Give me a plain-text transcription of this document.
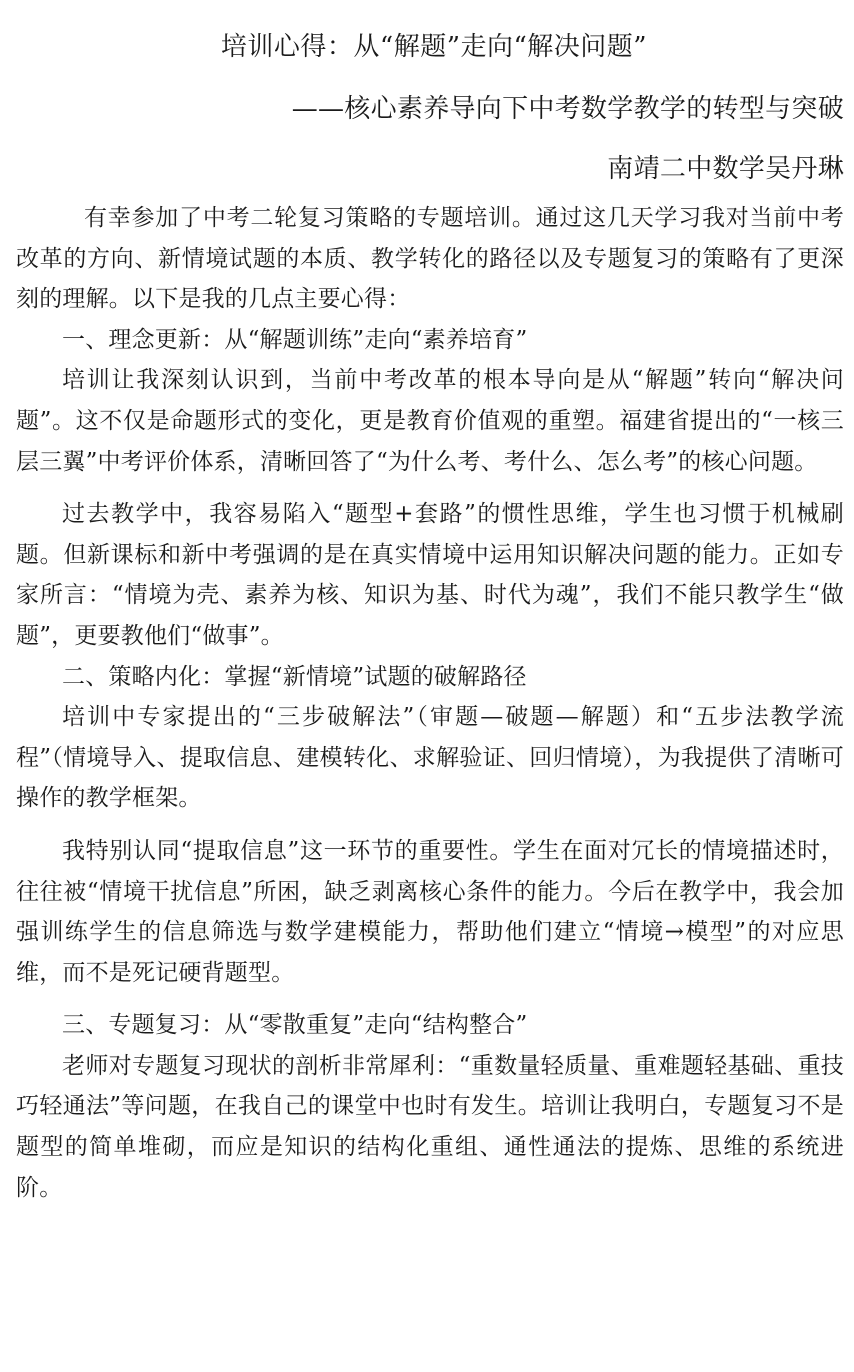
培训心得：从“解题”走向“解决问题”
——核心素养导向下中考数学教学的转型与突破
南靖二中数学吴丹琳

有幸参加了中考二轮复习策略的专题培训。通过这几天学习我对当前中考改革的方向、新情境试题的本质、教学转化的路径以及专题复习的策略有了更深刻的理解。以下是我的几点主要心得：

一、理念更新：从“解题训练”走向“素养培育”

培训让我深刻认识到，当前中考改革的根本导向是从“解题”转向“解决问题”。这不仅是命题形式的变化，更是教育价值观的重塑。福建省提出的“一核三层三翼”中考评价体系，清晰回答了“为什么考、考什么、怎么考”的核心问题。

过去教学中，我容易陷入“题型+套路”的惯性思维，学生也习惯于机械刷题。但新课标和新中考强调的是在真实情境中运用知识解决问题的能力。正如专家所言：“情境为壳、素养为核、知识为基、时代为魂”，我们不能只教学生“做题”，更要教他们“做事”。

二、策略内化：掌握“新情境”试题的破解路径

培训中专家提出的“三步破解法”（审题—破题—解题）和“五步法教学流程”（情境导入、提取信息、建模转化、求解验证、回归情境），为我提供了清晰可操作的教学框架。

我特别认同“提取信息”这一环节的重要性。学生在面对冗长的情境描述时，往往被“情境干扰信息”所困，缺乏剥离核心条件的能力。今后在教学中，我会加强训练学生的信息筛选与数学建模能力，帮助他们建立“情境→模型”的对应思维，而不是死记硬背题型。

三、专题复习：从“零散重复”走向“结构整合”

老师对专题复习现状的剖析非常犀利：“重数量轻质量、重难题轻基础、重技巧轻通法”等问题，在我自己的课堂中也时有发生。培训让我明白，专题复习不是题型的简单堆砌，而应是知识的结构化重组、通性通法的提炼、思维的系统进阶。
